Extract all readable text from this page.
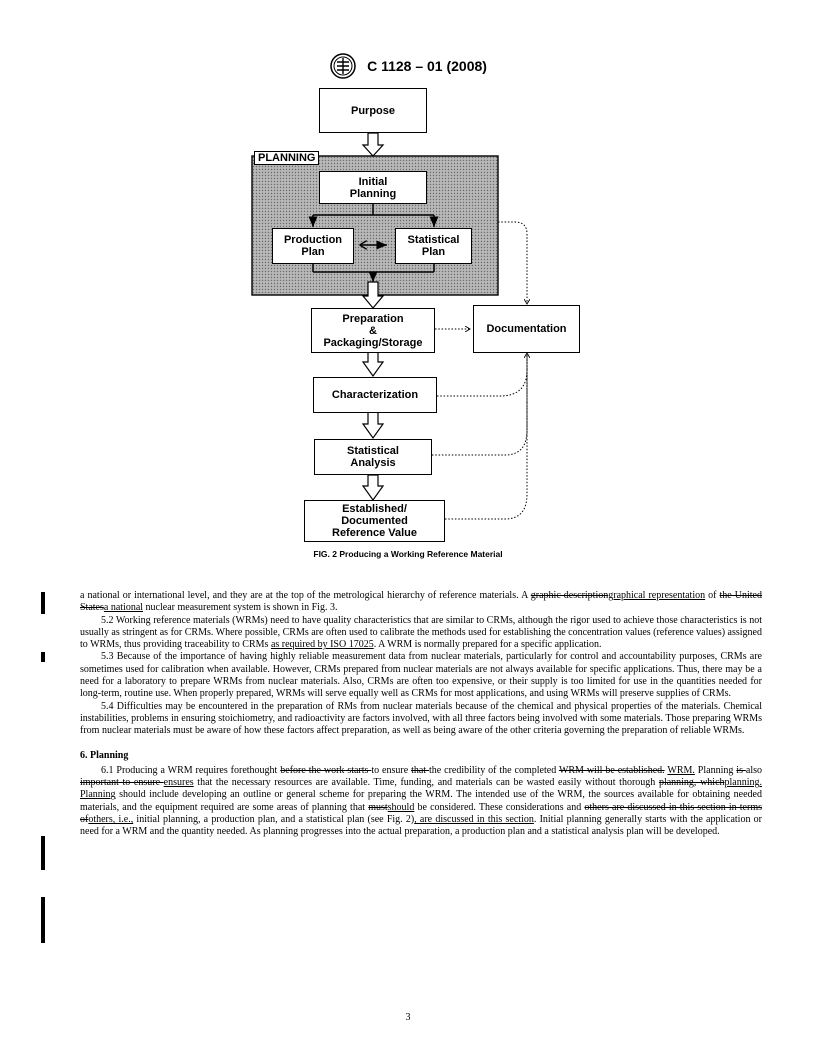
C 1128 – 01 (2008)
Purpose
PLANNING
Initial
Planning
Production
Plan
Statistical
Plan
Preparation
&
Packaging/Storage
Documentation
Characterization
Statistical
Analysis
Established/
Documented
Reference Value
FIG. 2 Producing a Working Reference Material

a national or international level, and they are at the top of the metrological hierarchy of reference materials. A graphic descriptiongraphical representation of the United Statesa national nuclear measurement system is shown in Fig. 3.

5.2 Working reference materials (WRMs) need to have quality characteristics that are similar to CRMs, although the rigor used to achieve those characteristics is not usually as stringent as for CRMs. Where possible, CRMs are often used to calibrate the methods used for establishing the concentration values (reference values) assigned to WRMs, thus providing traceability to CRMs as required by ISO 17025. A WRM is normally prepared for a specific application.

5.3 Because of the importance of having highly reliable measurement data from nuclear materials, particularly for control and accountability purposes, CRMs are sometimes used for calibration when available. However, CRMs prepared from nuclear materials are not always available for specific applications. Thus, there may be a need for a laboratory to prepare WRMs from nuclear materials. Also, CRMs are often too expensive, or their supply is too limited for use in the quantities needed for long-term, routine use. When properly prepared, WRMs will serve equally well as CRMs for most applications, and using WRMs will preserve supplies of CRMs.

5.4 Difficulties may be encountered in the preparation of RMs from nuclear materials because of the chemical and physical properties of the materials. Chemical instabilities, problems in ensuring stoichiometry, and radioactivity are factors involved, with all three factors being involved with some materials. Those preparing WRMs from nuclear materials must be aware of how these factors affect preparation, as well as being aware of the other criteria governing the preparation of reliable WRMs.

6. Planning

6.1 Producing a WRM requires forethought before the work starts to ensure that the credibility of the completed WRM will be established. WRM. Planning is also important to ensure ensures that the necessary resources are available. Time, funding, and materials can be wasted easily without thorough planning, whichplanning. Planning should include developing an outline or general scheme for preparing the WRM. The intended use of the WRM, the sources available for obtaining needed materials, and the equipment required are some areas of planning that mustshould be considered. These considerations and others are discussed in this section in terms ofothers, i.e., initial planning, a production plan, and a statistical plan (see Fig. 2), are discussed in this section. Initial planning generally starts with the application or need for a WRM and the quantity needed. As planning progresses into the actual preparation, a production plan and a statistical analysis plan will be developed.

3
